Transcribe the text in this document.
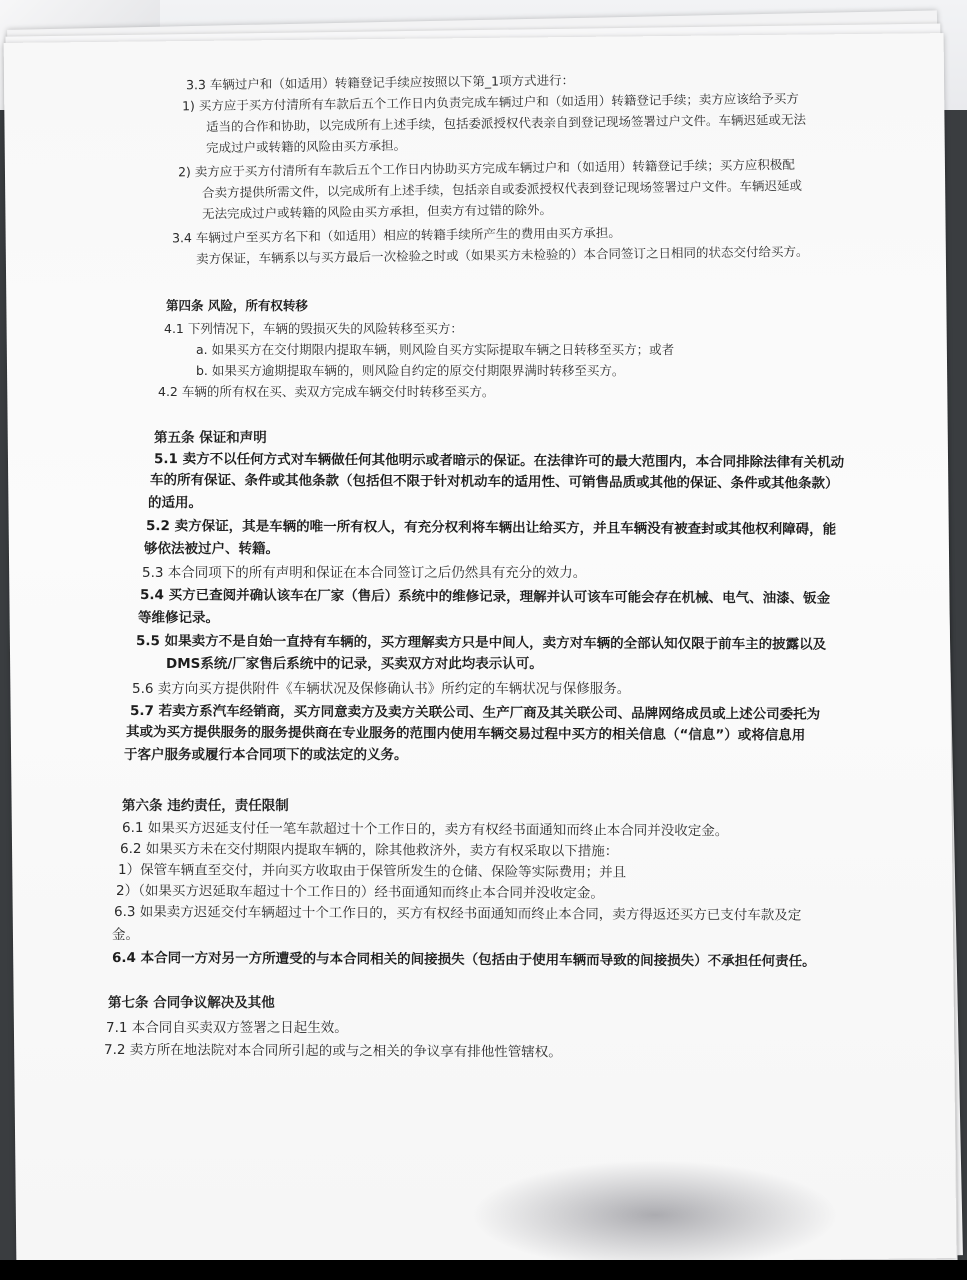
3.3 车辆过户和（如适用）转籍登记手续应按照以下第_1项方式进行：
1) 买方应于买方付清所有车款后五个工作日内负责完成车辆过户和（如适用）转籍登记手续；卖方应该给予买方
适当的合作和协助，以完成所有上述手续，包括委派授权代表亲自到登记现场签署过户文件。车辆迟延或无法
完成过户或转籍的风险由买方承担。
2) 卖方应于买方付清所有车款后五个工作日内协助买方完成车辆过户和（如适用）转籍登记手续；买方应积极配
合卖方提供所需文件，以完成所有上述手续，包括亲自或委派授权代表到登记现场签署过户文件。车辆迟延或
无法完成过户或转籍的风险由买方承担，但卖方有过错的除外。
3.4 车辆过户至买方名下和（如适用）相应的转籍手续所产生的费用由买方承担。
卖方保证，车辆系以与买方最后一次检验之时或（如果买方未检验的）本合同签订之日相同的状态交付给买方。
第四条 风险，所有权转移
4.1 下列情况下，车辆的毁损灭失的风险转移至买方：
a. 如果买方在交付期限内提取车辆，则风险自买方实际提取车辆之日转移至买方；或者
b. 如果买方逾期提取车辆的，则风险自约定的原交付期限界满时转移至买方。
4.2 车辆的所有权在买、卖双方完成车辆交付时转移至买方。
第五条 保证和声明
5.1 卖方不以任何方式对车辆做任何其他明示或者暗示的保证。在法律许可的最大范围内，本合同排除法律有关机动
车的所有保证、条件或其他条款（包括但不限于针对机动车的适用性、可销售品质或其他的保证、条件或其他条款）
的适用。
5.2 卖方保证，其是车辆的唯一所有权人，有充分权利将车辆出让给买方，并且车辆没有被查封或其他权利障碍，能
够依法被过户、转籍。
5.3 本合同项下的所有声明和保证在本合同签订之后仍然具有充分的效力。
5.4 买方已查阅并确认该车在厂家（售后）系统中的维修记录，理解并认可该车可能会存在机械、电气、油漆、钣金
等维修记录。
5.5 如果卖方不是自始一直持有车辆的，买方理解卖方只是中间人，卖方对车辆的全部认知仅限于前车主的披露以及
DMS系统/厂家售后系统中的记录，买卖双方对此均表示认可。
5.6 卖方向买方提供附件《车辆状况及保修确认书》所约定的车辆状况与保修服务。
5.7 若卖方系汽车经销商，买方同意卖方及卖方关联公司、生产厂商及其关联公司、品牌网络成员或上述公司委托为
其或为买方提供服务的服务提供商在专业服务的范围内使用车辆交易过程中买方的相关信息（“信息”）或将信息用
于客户服务或履行本合同项下的或法定的义务。
第六条 违约责任，责任限制
6.1 如果买方迟延支付任一笔车款超过十个工作日的，卖方有权经书面通知而终止本合同并没收定金。
6.2 如果买方未在交付期限内提取车辆的，除其他救济外，卖方有权采取以下措施：
1）保管车辆直至交付，并向买方收取由于保管所发生的仓储、保险等实际费用；并且
2）（如果买方迟延取车超过十个工作日的）经书面通知而终止本合同并没收定金。
6.3 如果卖方迟延交付车辆超过十个工作日的，买方有权经书面通知而终止本合同，卖方得返还买方已支付车款及定
金。
6.4 本合同一方对另一方所遭受的与本合同相关的间接损失（包括由于使用车辆而导致的间接损失）不承担任何责任。
第七条 合同争议解决及其他
7.1 本合同自买卖双方签署之日起生效。
7.2 卖方所在地法院对本合同所引起的或与之相关的争议享有排他性管辖权。
